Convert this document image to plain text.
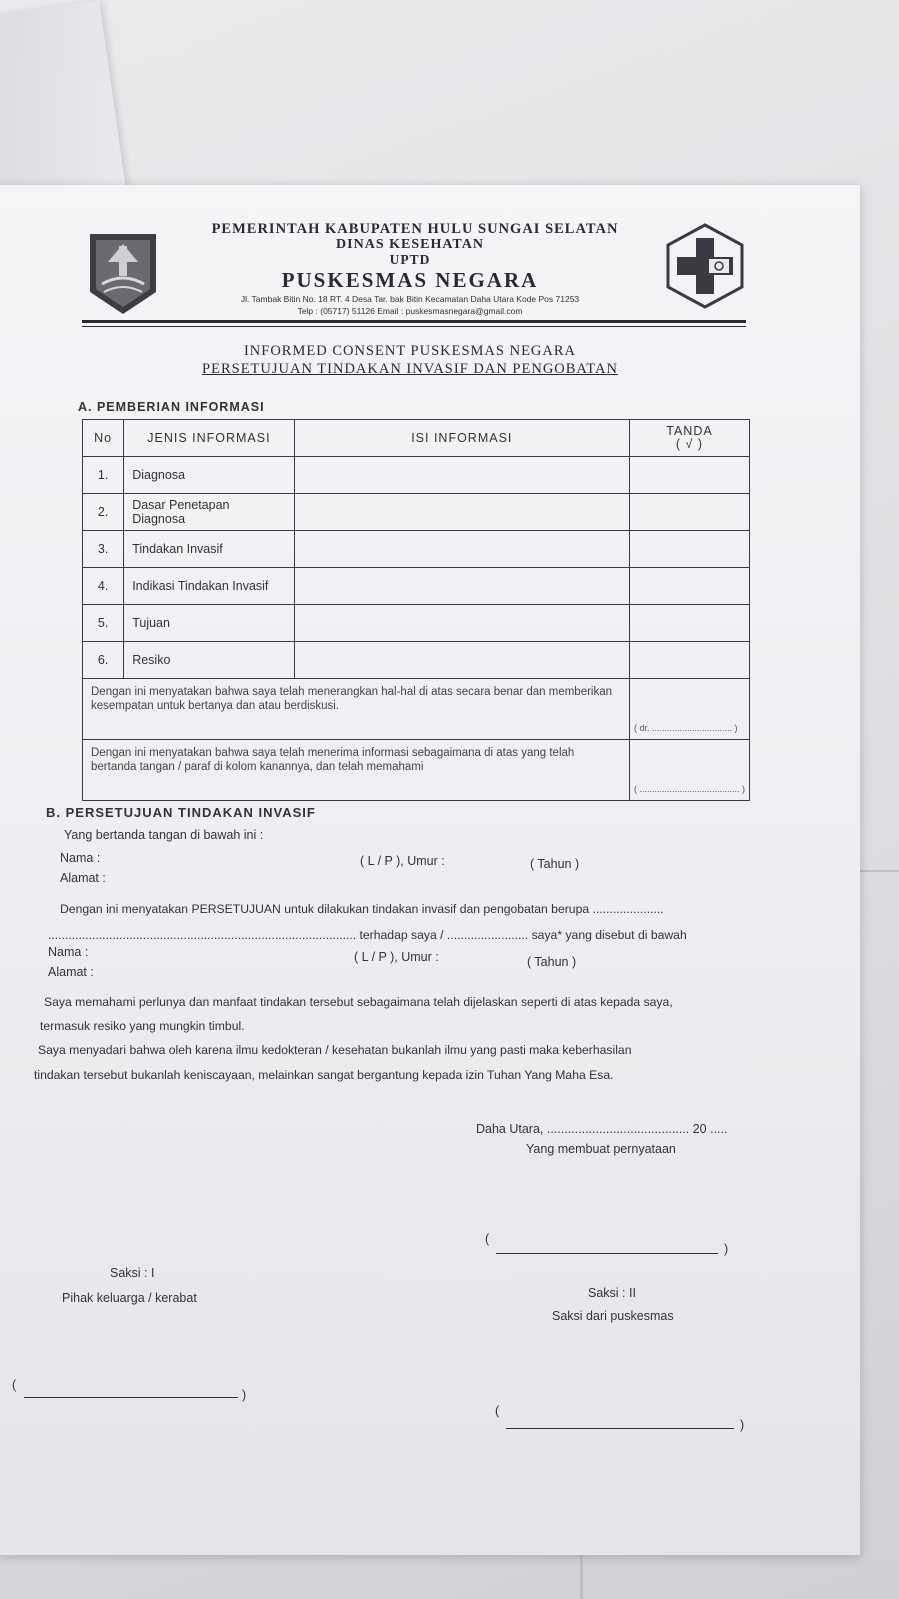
PEMERINTAH KABUPATEN HULU SUNGAI SELATAN
DINAS KESEHATAN
UPTD
PUSKESMAS NEGARA
Jl. Tambak Bitin No. 18 RT. 4 Desa Tar. bak Bitin Kecamatan Daha Utara Kode Pos 71253
Telp : (05717) 51126 Email : puskesmasnegara@gmail.com
INFORMED CONSENT PUSKESMAS NEGARA
PERSETUJUAN TINDAKAN INVASIF DAN PENGOBATAN
A. PEMBERIAN INFORMASI
No	JENIS INFORMASI	ISI INFORMASI	TANDA
( √ )

1.	Diagnosa		
2.	Dasar Penetapan Diagnosa		
3.	Tindakan Invasif		
4.	Indikasi Tindakan Invasif		
5.	Tujuan		
6.	Resiko		
Dengan ini menyatakan bahwa saya telah menerangkan hal-hal di atas secara benar dan memberikan kesempatan untuk bertanya dan atau berdiskusi.			( dr. ................................ )

Dengan ini menyatakan bahwa saya telah menerima informasi sebagaimana di atas yang telah bertanda tangan / paraf di kolom kanannya, dan telah memahami			( ........................................ )
B. PERSETUJUAN TINDAKAN INVASIF
Yang bertanda tangan di bawah ini :
Nama :	( L / P ), Umur :	( Tahun )
Alamat :
Dengan ini menyatakan PERSETUJUAN untuk dilakukan tindakan invasif dan pengobatan berupa .....................
........................................................................................... terhadap saya / ........................ saya* yang disebut di bawah
Nama :	( L / P ), Umur :	( Tahun )
Alamat :
Saya memahami perlunya dan manfaat tindakan tersebut sebagaimana telah dijelaskan seperti di atas kepada saya,
termasuk resiko yang mungkin timbul.
Saya menyadari bahwa oleh karena ilmu kedokteran / kesehatan bukanlah ilmu yang pasti maka keberhasilan
tindakan tersebut bukanlah keniscayaan, melainkan sangat bergantung kepada izin Tuhan Yang Maha Esa.
Daha Utara, ......................................... 20 .....
Yang membuat pernyataan
(
)
Saksi : I
Pihak keluarga / kerabat	Saksi : II
Saksi dari puskesmas
(
)
(
)
